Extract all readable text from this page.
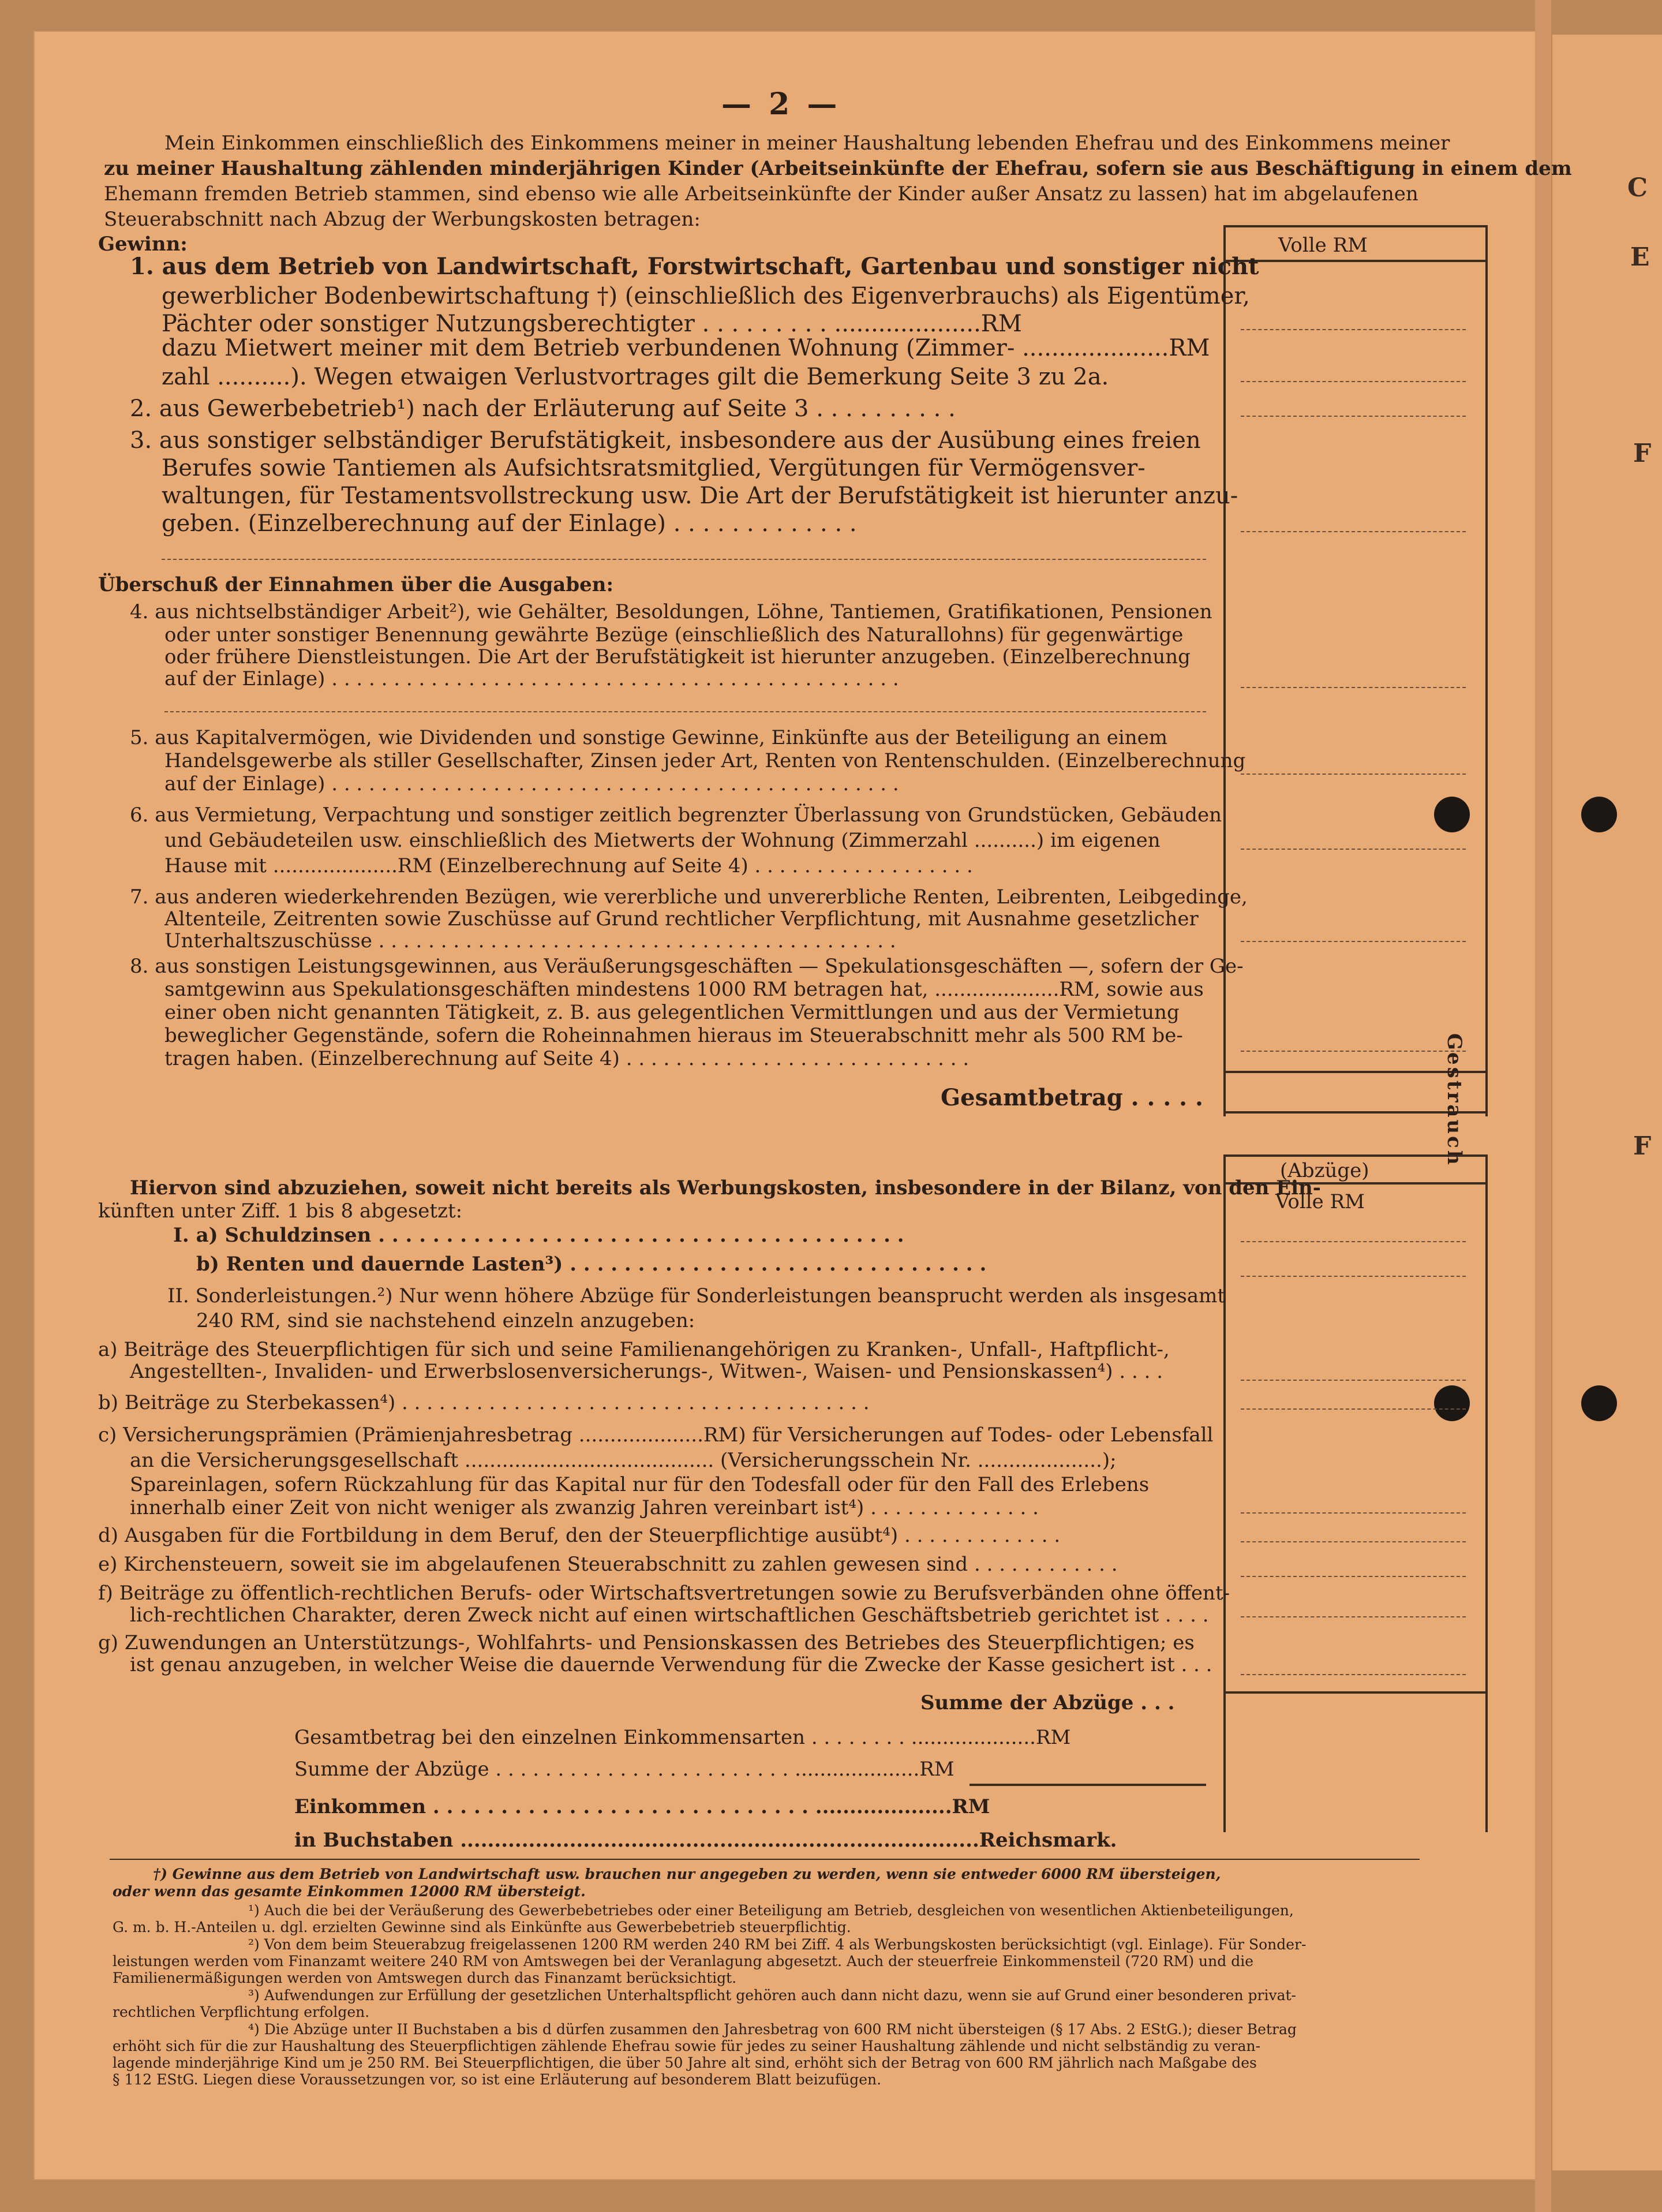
C
E
F
F
— 2 —
Mein Einkommen einschließlich des Einkommens meiner in meiner Haushaltung lebenden Ehefrau und des Einkommens meiner
zu meiner Haushaltung zählenden minderjährigen Kinder (Arbeitseinkünfte der Ehefrau, sofern sie aus Beschäftigung in einem dem
Ehemann fremden Betrieb stammen, sind ebenso wie alle Arbeitseinkünfte der Kinder außer Ansatz zu lassen) hat im abgelaufenen
Steuerabschnitt nach Abzug der Werbungskosten betragen:
Volle RM
Gestrauch
Gewinn:
1. aus dem Betrieb von Landwirtschaft, Forstwirtschaft, Gartenbau und sonstiger nicht
gewerblicher Bodenbewirtschaftung †) (einschließlich des Eigenverbrauchs) als Eigentümer,
Pächter oder sonstiger Nutzungsberechtigter . . . . . . . . . ....................RM
dazu Mietwert meiner mit dem Betrieb verbundenen Wohnung (Zimmer- ....................RM
zahl ..........). Wegen etwaigen Verlustvortrages gilt die Bemerkung Seite 3 zu 2a.
2. aus Gewerbebetrieb¹) nach der Erläuterung auf Seite 3 . . . . . . . . . .
3. aus sonstiger selbständiger Berufstätigkeit, insbesondere aus der Ausübung eines freien
Berufes sowie Tantiemen als Aufsichtsratsmitglied, Vergütungen für Vermögensver-
waltungen, für Testamentsvollstreckung usw. Die Art der Berufstätigkeit ist hierunter anzu-
geben. (Einzelberechnung auf der Einlage) . . . . . . . . . . . . .
Überschuß der Einnahmen über die Ausgaben:
4. aus nichtselbständiger Arbeit²), wie Gehälter, Besoldungen, Löhne, Tantiemen, Gratifikationen, Pensionen
oder unter sonstiger Benennung gewährte Bezüge (einschließlich des Naturallohns) für gegenwärtige
oder frühere Dienstleistungen. Die Art der Berufstätigkeit ist hierunter anzugeben. (Einzelberechnung
auf der Einlage) . . . . . . . . . . . . . . . . . . . . . . . . . . . . . . . . . . . . . . . . . . . . . .
5. aus Kapitalvermögen, wie Dividenden und sonstige Gewinne, Einkünfte aus der Beteiligung an einem
Handelsgewerbe als stiller Gesellschafter, Zinsen jeder Art, Renten von Rentenschulden. (Einzelberechnung
auf der Einlage) . . . . . . . . . . . . . . . . . . . . . . . . . . . . . . . . . . . . . . . . . . . . . .
6. aus Vermietung, Verpachtung und sonstiger zeitlich begrenzter Überlassung von Grundstücken, Gebäuden
und Gebäudeteilen usw. einschließlich des Mietwerts der Wohnung (Zimmerzahl ..........) im eigenen
Hause mit ....................RM (Einzelberechnung auf Seite 4) . . . . . . . . . . . . . . . . . .
7. aus anderen wiederkehrenden Bezügen, wie vererbliche und unvererbliche Renten, Leibrenten, Leibgedinge,
Altenteile, Zeitrenten sowie Zuschüsse auf Grund rechtlicher Verpflichtung, mit Ausnahme gesetzlicher
Unterhaltszuschüsse . . . . . . . . . . . . . . . . . . . . . . . . . . . . . . . . . . . . . . . . . .
8. aus sonstigen Leistungsgewinnen, aus Veräußerungsgeschäften — Spekulationsgeschäften —, sofern der Ge-
samtgewinn aus Spekulationsgeschäften mindestens 1000 RM betragen hat, ....................RM, sowie aus
einer oben nicht genannten Tätigkeit, z. B. aus gelegentlichen Vermittlungen und aus der Vermietung
beweglicher Gegenstände, sofern die Roheinnahmen hieraus im Steuerabschnitt mehr als 500 RM be-
tragen haben. (Einzelberechnung auf Seite 4) . . . . . . . . . . . . . . . . . . . . . . . . . . . .
Gesamtbetrag . . . . .
(Abzüge)
Volle RM
Hiervon sind abzuziehen, soweit nicht bereits als Werbungskosten, insbesondere in der Bilanz, von den Ein-
künften unter Ziff. 1 bis 8 abgesetzt:
I. a) Schuldzinsen . . . . . . . . . . . . . . . . . . . . . . . . . . . . . . . . . . . . . . .
b) Renten und dauernde Lasten³) . . . . . . . . . . . . . . . . . . . . . . . . . . . . . . .
II. Sonderleistungen.²) Nur wenn höhere Abzüge für Sonderleistungen beansprucht werden als insgesamt
240 RM, sind sie nachstehend einzeln anzugeben:
a) Beiträge des Steuerpflichtigen für sich und seine Familienangehörigen zu Kranken-, Unfall-, Haftpflicht-,
Angestellten-, Invaliden- und Erwerbslosenversicherungs-, Witwen-, Waisen- und Pensionskassen⁴) . . . .
b) Beiträge zu Sterbekassen⁴) . . . . . . . . . . . . . . . . . . . . . . . . . . . . . . . . . . . . . .
c) Versicherungsprämien (Prämienjahresbetrag ....................RM) für Versicherungen auf Todes- oder Lebensfall
an die Versicherungsgesellschaft ........................................ (Versicherungsschein Nr. ....................);
Spareinlagen, sofern Rückzahlung für das Kapital nur für den Todesfall oder für den Fall des Erlebens
innerhalb einer Zeit von nicht weniger als zwanzig Jahren vereinbart ist⁴) . . . . . . . . . . . . . .
d) Ausgaben für die Fortbildung in dem Beruf, den der Steuerpflichtige ausübt⁴) . . . . . . . . . . . . .
e) Kirchensteuern, soweit sie im abgelaufenen Steuerabschnitt zu zahlen gewesen sind . . . . . . . . . . . .
f) Beiträge zu öffentlich-rechtlichen Berufs- oder Wirtschaftsvertretungen sowie zu Berufsverbänden ohne öffent-
lich-rechtlichen Charakter, deren Zweck nicht auf einen wirtschaftlichen Geschäftsbetrieb gerichtet ist . . . .
g) Zuwendungen an Unterstützungs-, Wohlfahrts- und Pensionskassen des Betriebes des Steuerpflichtigen; es
ist genau anzugeben, in welcher Weise die dauernde Verwendung für die Zwecke der Kasse gesichert ist . . .
Summe der Abzüge . . .
Gesamtbetrag bei den einzelnen Einkommensarten . . . . . . . . ....................RM
Summe der Abzüge . . . . . . . . . . . . . . . . . . . . . . . . ....................RM
Einkommen . . . . . . . . . . . . . . . . . . . . . . . . . . . . ....................RM
in Buchstaben ............................................................................Reichsmark.
†) Gewinne aus dem Betrieb von Landwirtschaft usw. brauchen nur angegeben zu werden, wenn sie entweder 6000 RM übersteigen,
oder wenn das gesamte Einkommen 12000 RM übersteigt.
¹) Auch die bei der Veräußerung des Gewerbebetriebes oder einer Beteiligung am Betrieb, desgleichen von wesentlichen Aktienbeteiligungen,
G. m. b. H.-Anteilen u. dgl. erzielten Gewinne sind als Einkünfte aus Gewerbebetrieb steuerpflichtig.
²) Von dem beim Steuerabzug freigelassenen 1200 RM werden 240 RM bei Ziff. 4 als Werbungskosten berücksichtigt (vgl. Einlage). Für Sonder-
leistungen werden vom Finanzamt weitere 240 RM von Amtswegen bei der Veranlagung abgesetzt. Auch der steuerfreie Einkommensteil (720 RM) und die
Familienermäßigungen werden von Amtswegen durch das Finanzamt berücksichtigt.
³) Aufwendungen zur Erfüllung der gesetzlichen Unterhaltspflicht gehören auch dann nicht dazu, wenn sie auf Grund einer besonderen privat-
rechtlichen Verpflichtung erfolgen.
⁴) Die Abzüge unter II Buchstaben a bis d dürfen zusammen den Jahresbetrag von 600 RM nicht übersteigen (§ 17 Abs. 2 EStG.); dieser Betrag
erhöht sich für die zur Haushaltung des Steuerpflichtigen zählende Ehefrau sowie für jedes zu seiner Haushaltung zählende und nicht selbständig zu veran-
lagende minderjährige Kind um je 250 RM. Bei Steuerpflichtigen, die über 50 Jahre alt sind, erhöht sich der Betrag von 600 RM jährlich nach Maßgabe des
§ 112 EStG. Liegen diese Voraussetzungen vor, so ist eine Erläuterung auf besonderem Blatt beizufügen.
